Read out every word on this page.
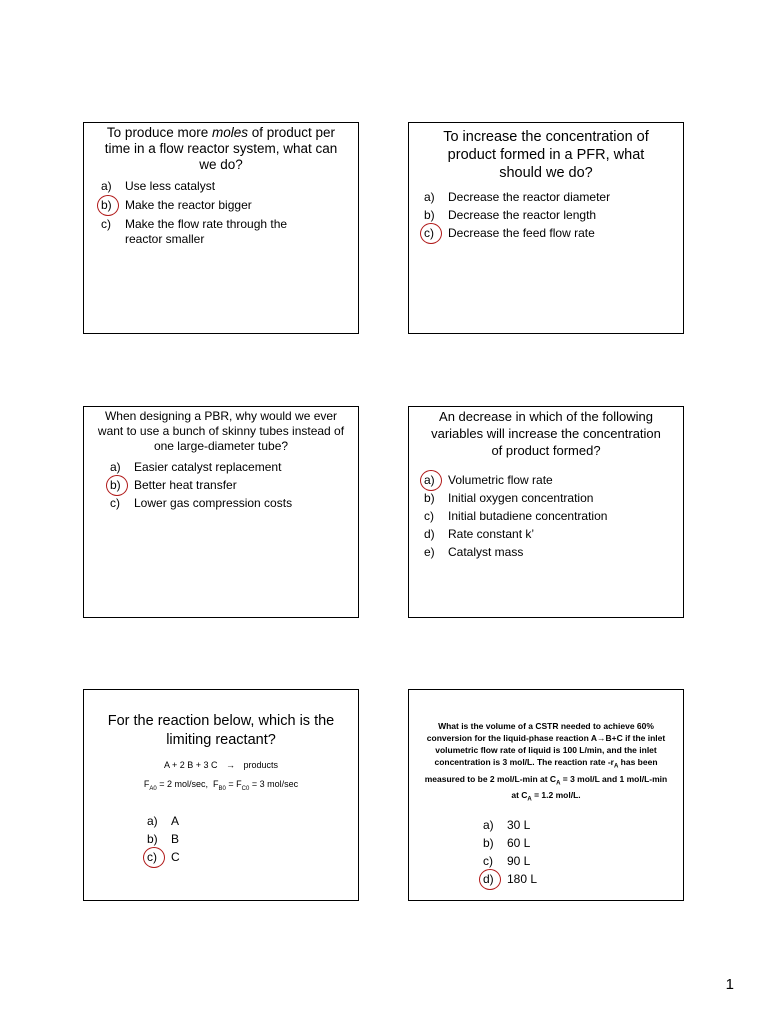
To produce more moles of product per time in a flow reactor system, what can we do?
a)	Use less catalyst
b)	Make the reactor bigger
c)	Make the flow rate through the reactor smaller
To increase the concentration of product formed in a PFR, what should we do?
a)	Decrease the reactor diameter
b)	Decrease the reactor length
c)	Decrease the feed flow rate
When designing a PBR, why would we ever want to use a bunch of skinny tubes instead of one large-diameter tube?
a)	Easier catalyst replacement
b)	Better heat transfer
c)	Lower gas compression costs
An decrease in which of the following variables will increase the concentration of product formed?
a)	Volumetric flow rate
b)	Initial oxygen concentration
c)	Initial butadiene concentration
d)	Rate constant k’
e)	Catalyst mass
For the reaction below, which is the limiting reactant?
A + 2 B + 3 C → products
$F_{A0} = 2$ mol/sec,  $F_{B0} = F_{C0} = 3$ mol/sec
a)	A
b)	B
c)	C
What is the volume of a CSTR needed to achieve 60% conversion for the liquid-phase reaction A→B+C if the inlet volumetric flow rate of liquid is 100 L/min, and the inlet concentration is 3 mol/L. The reaction rate $-r_A$ has been measured to be 2 mol/L-min at $C_A = 3$ mol/L and 1 mol/L-min at $C_A = 1.2$ mol/L.
a)	30 L
b)	60 L
c)	90 L
d)	180 L
1
